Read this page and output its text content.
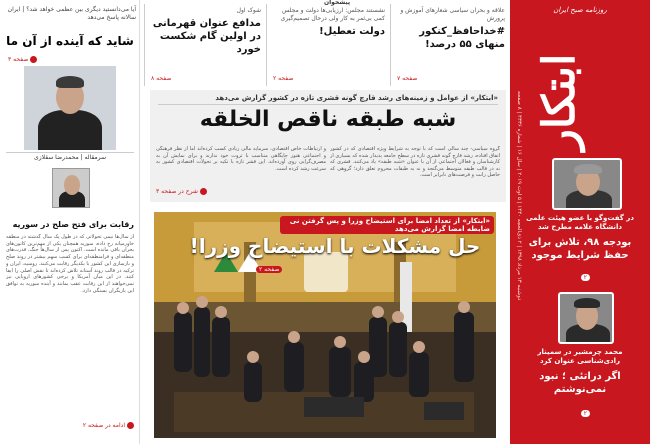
آیا می‌دانستید دیگری بین عظمی خواهد شد؟ | ایران سالانه پاسخ می‌دهد
شاید که آینده از آن ما
صفحه ۳
سرمقاله | محمدرضا سقلازی
رقابت برای فتح صلح در سوریه
از سال‌ها نیمی تحولاتی که در طول یک سال گذشته در منطقه خاورمیانه رخ داده، سوریه همچنان یکی از مهم‌ترین کانون‌های بحران باقی مانده است. اکنون پس از سال‌ها جنگ، قدرت‌های منطقه‌ای و فرامنطقه‌ای برای کسب سهم بیشتر در روند صلح و بازسازی این کشور با یکدیگر رقابت می‌کنند. روسیه، ایران و ترکیه در قالب روند آستانه تلاش کرده‌اند تا نقش اصلی را ایفا کنند. در این میان آمریکا و برخی کشورهای اروپایی نیز نمی‌خواهند از این رقابت عقب بمانند و آینده سوریه به توافق این بازیگران بستگی دارد.
ادامه در صفحه ۲
شوک اول
مدافع عنوان قهرمانی در اولین گام شکست خورد
صفحه ۸
نشستند مجلس: ارزیابی‌ها دولت و مجلس کمی بی‌ثمر به کار ولی درحال تصمیم‌گیری
دولت تعطیل!
صفحه ۲
علاقه و بحران سیاسی شعارهای آموزش و پرورش
#خداحافظ_کنکور منهای ۵۵ درصد!
صفحه ۷
پیشخوان
«ابتکار» از عوامل و زمینه‌های رشد قارچ گونه قشری تازه در کشور گزارش می‌دهد
شبه طبقه ناقص الخلقه
گروه سیاسی- چند سالی است که با توجه به شرایط ویژه اقتصادی که در کشور اتفاق افتاده، رشد قارچ گونه قشری تازه در سطح جامعه پدیدار شده که بسیاری از کارشناسان و فعالان اجتماعی از آن با عنوان «شبه طبقه» یاد می‌کنند. قشری که نه در قالب طبقه متوسط می‌گنجد و نه به طبقات محروم تعلق دارد؛ گروهی که حاصل رانت و فرصت‌های نابرابر است.
و ارتباطات خاص اقتصادی، سرمایه مالی زیادی کسب کرده‌اند اما از نظر فرهنگی و اجتماعی هنوز جایگاهی متناسب با ثروت خود ندارند و برای نمایش آن به مصرف‌گرایی روی آورده‌اند. این قشر تازه با تکیه بر تحولات اقتصادی کشور به سرعت رشد کرده است.
شرح در صفحه ۳
«ابتکار» از تعداد امضا برای استیضاح وزرا و پس گرفتن نی ضابطه امضا گزارش می‌دهد
حل مشکلات با استیضاح وزرا!
صفحه ۲
روزنامه صبح ایران
ابتکار
دوشنبه ۱۳ مرداد ۱۳۹۸ | ۲ ذی‌الحجه ۱۴۴۰ | ۵ اوت ۲۰۱۹ | سال ۱۶ | شماره ۴۳۳۶ | ۸ صفحه
در گفت‌وگو با عضو هیئت علمی دانشگاه علامه مطرح شد
بودجه ۹۸، تلاش برای حفظ شرایط موجود
۲
محمد چرمشیر در سمینار رادی‌شناسی عنوان کرد
اگر دراتئی ؛ نبود نمی‌نوشتم
۲
